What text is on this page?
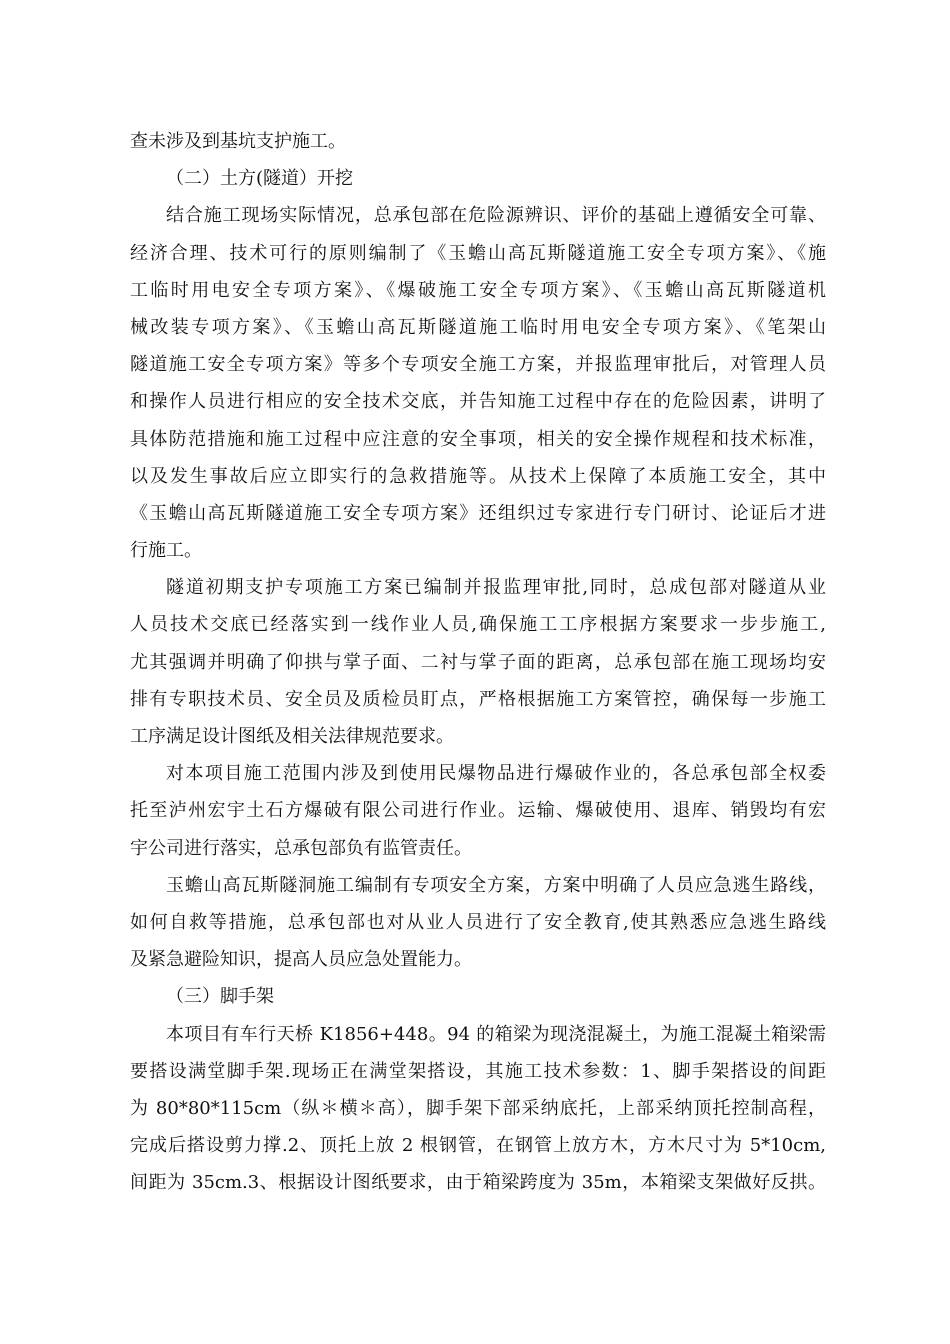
查未涉及到基坑支护施工。
（二）土方(隧道）开挖
结合施工现场实际情况，总承包部在危险源辨识、评价的基础上遵循安全可靠、
经济合理、技术可行的原则编制了《玉蟾山高瓦斯隧道施工安全专项方案》、《施
工临时用电安全专项方案》、《爆破施工安全专项方案》、《玉蟾山高瓦斯隧道机
械改装专项方案》、《玉蟾山高瓦斯隧道施工临时用电安全专项方案》、《笔架山
隧道施工安全专项方案》等多个专项安全施工方案，并报监理审批后，对管理人员
和操作人员进行相应的安全技术交底，并告知施工过程中存在的危险因素，讲明了
具体防范措施和施工过程中应注意的安全事项，相关的安全操作规程和技术标准，
以及发生事故后应立即实行的急救措施等。从技术上保障了本质施工安全，其中
《玉蟾山高瓦斯隧道施工安全专项方案》还组织过专家进行专门研讨、论证后才进
行施工。
隧道初期支护专项施工方案已编制并报监理审批,同时，总成包部对隧道从业
人员技术交底已经落实到一线作业人员,确保施工工序根据方案要求一步步施工,
尤其强调并明确了仰拱与掌子面、二衬与掌子面的距离，总承包部在施工现场均安
排有专职技术员、安全员及质检员盯点，严格根据施工方案管控，确保每一步施工
工序满足设计图纸及相关法律规范要求。
对本项目施工范围内涉及到使用民爆物品进行爆破作业的，各总承包部全权委
托至泸州宏宇土石方爆破有限公司进行作业。运输、爆破使用、退库、销毁均有宏
宇公司进行落实，总承包部负有监管责任。
玉蟾山高瓦斯隧洞施工编制有专项安全方案，方案中明确了人员应急逃生路线，
如何自救等措施，总承包部也对从业人员进行了安全教育,使其熟悉应急逃生路线
及紧急避险知识，提高人员应急处置能力。
（三）脚手架
本项目有车行天桥 K1856+448。94 的箱梁为现浇混凝土，为施工混凝土箱梁需
要搭设满堂脚手架.现场正在满堂架搭设，其施工技术参数：1、脚手架搭设的间距
为 80*80*115cm（纵＊横＊高），脚手架下部采纳底托，上部采纳顶托控制高程，
完成后搭设剪力撑.2、顶托上放 2 根钢管，在钢管上放方木，方木尺寸为 5*10cm,
间距为 35cm.3、根据设计图纸要求，由于箱梁跨度为 35m，本箱梁支架做好反拱。
